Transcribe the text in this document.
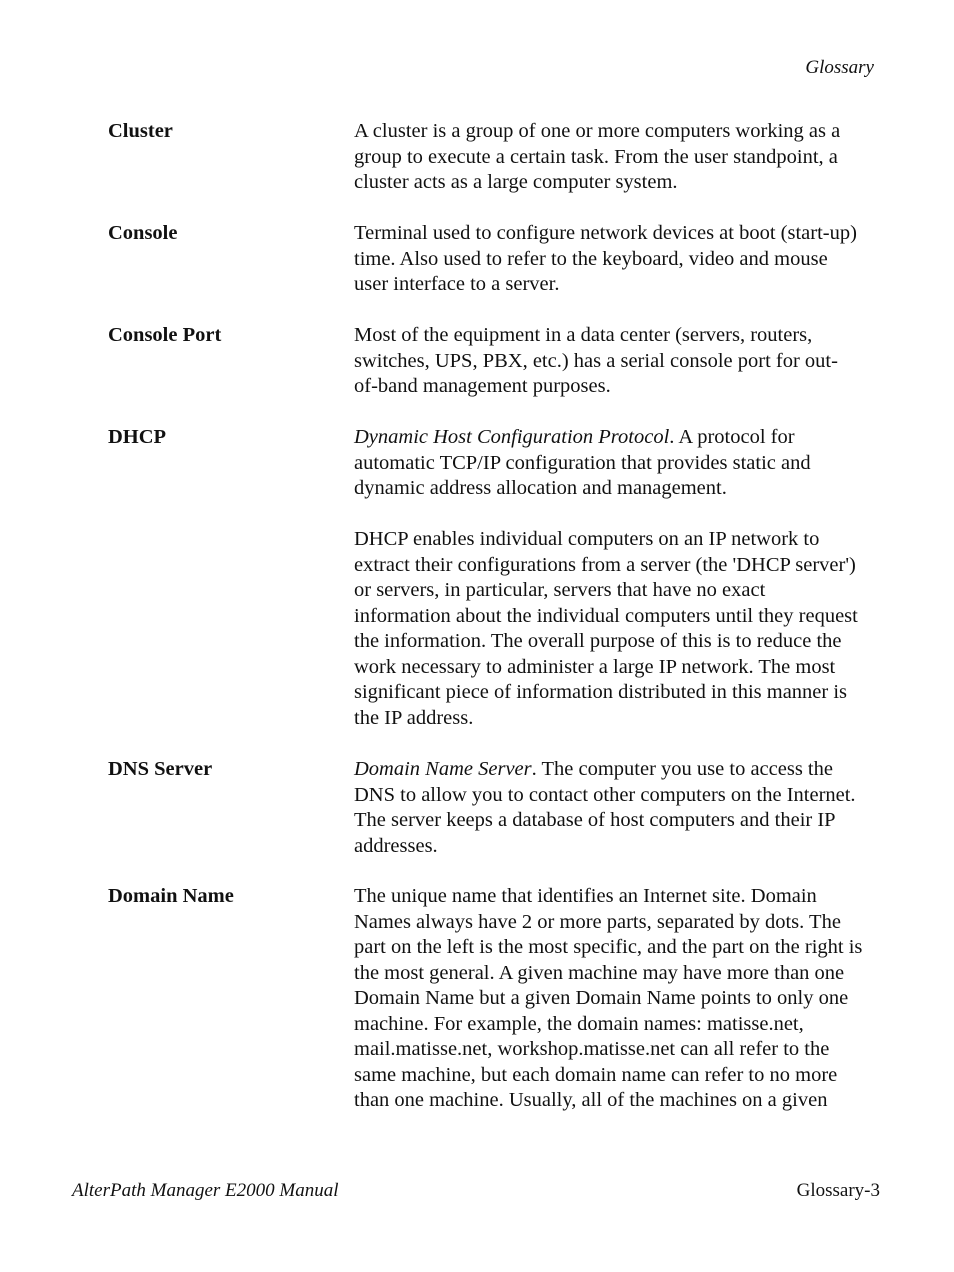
Glossary
Cluster	A cluster is a group of one or more computers working as a
group to execute a certain task. From the user standpoint, a
cluster acts as a large computer system.

Console	Terminal used to configure network devices at boot (start-up)
time. Also used to refer to the keyboard, video and mouse
user interface to a server.

Console Port	Most of the equipment in a data center (servers, routers,
switches, UPS, PBX, etc.) has a serial console port for out-
of-band management purposes.

DHCP	Dynamic Host Configuration Protocol. A protocol for
automatic TCP/IP configuration that provides static and
dynamic address allocation and management.

DHCP enables individual computers on an IP network to
extract their configurations from a server (the 'DHCP server')
or servers, in particular, servers that have no exact
information about the individual computers until they request
the information. The overall purpose of this is to reduce the
work necessary to administer a large IP network. The most
significant piece of information distributed in this manner is
the IP address.

DNS Server	Domain Name Server. The computer you use to access the
DNS to allow you to contact other computers on the Internet.
The server keeps a database of host computers and their IP
addresses.

Domain Name	The unique name that identifies an Internet site. Domain
Names always have 2 or more parts, separated by dots. The
part on the left is the most specific, and the part on the right is
the most general. A given machine may have more than one
Domain Name but a given Domain Name points to only one
machine. For example, the domain names: matisse.net,
mail.matisse.net, workshop.matisse.net can all refer to the
same machine, but each domain name can refer to no more
than one machine. Usually, all of the machines on a given

AlterPath Manager E2000 Manual	Glossary-3
